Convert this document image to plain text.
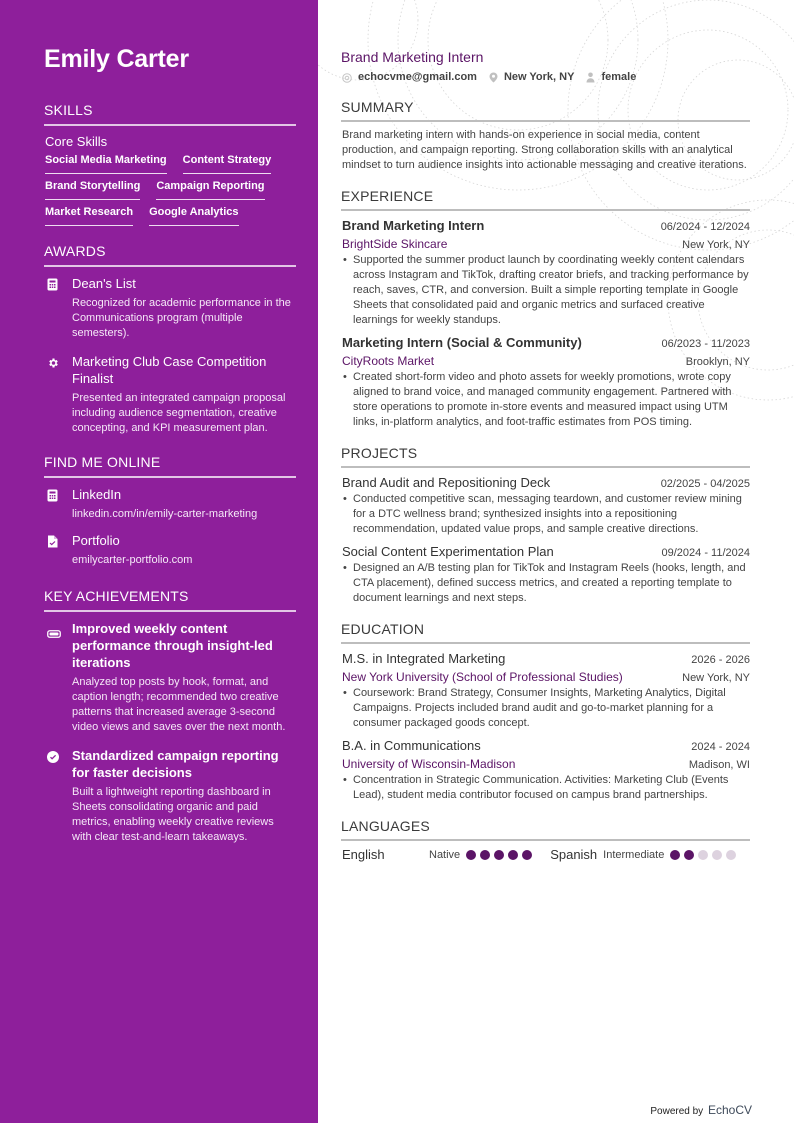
Emily Carter
SKILLS
Core Skills
Social Media Marketing Content Strategy
Brand Storytelling Campaign Reporting
Market Research Google Analytics
AWARDS
Dean's List
Recognized for academic performance in the Communications program (multiple semesters).
Marketing Club Case Competition Finalist
Presented an integrated campaign proposal including audience segmentation, creative concepting, and KPI measurement plan.
FIND ME ONLINE
LinkedIn
linkedin.com/in/emily-carter-marketing
Portfolio
emilycarter-portfolio.com
KEY ACHIEVEMENTS
Improved weekly content performance through insight-led iterations
Analyzed top posts by hook, format, and caption length; recommended two creative patterns that increased average 3-second video views and saves over the next month.
Standardized campaign reporting for faster decisions
Built a lightweight reporting dashboard in Sheets consolidating organic and paid metrics, enabling weekly creative reviews with clear test-and-learn takeaways.
Brand Marketing Intern
echocvme@gmail.com New York, NY female
SUMMARY

Brand marketing intern with hands-on experience in social media, content production, and campaign reporting. Strong collaboration skills with an analytical mindset to turn audience insights into actionable messaging and creative iterations.

EXPERIENCE
Brand Marketing Intern	06/2024 - 12/2024
BrightSide Skincare	New York, NY
• Supported the summer product launch by coordinating weekly content calendars across Instagram and TikTok, drafting creator briefs, and tracking performance by reach, saves, CTR, and conversion. Built a simple reporting template in Google Sheets that consolidated paid and organic metrics and surfaced creative learnings for weekly standups.
Marketing Intern (Social & Community)	06/2023 - 11/2023
CityRoots Market	Brooklyn, NY
• Created short-form video and photo assets for weekly promotions, wrote copy aligned to brand voice, and managed community engagement. Partnered with store operations to promote in-store events and measured impact using UTM links, in-platform analytics, and foot-traffic estimates from POS timing.
PROJECTS
Brand Audit and Repositioning Deck	02/2025 - 04/2025
• Conducted competitive scan, messaging teardown, and customer review mining for a DTC wellness brand; synthesized insights into a repositioning recommendation, updated value props, and sample creative directions.
Social Content Experimentation Plan	09/2024 - 11/2024
• Designed an A/B testing plan for TikTok and Instagram Reels (hooks, length, and CTA placement), defined success metrics, and created a reporting template to document learnings and next steps.
EDUCATION
M.S. in Integrated Marketing	2026 - 2026
New York University (School of Professional Studies)	New York, NY
• Coursework: Brand Strategy, Consumer Insights, Marketing Analytics, Digital Campaigns. Projects included brand audit and go-to-market planning for a consumer packaged goods concept.
B.A. in Communications	2024 - 2024
University of Wisconsin-Madison	Madison, WI
• Concentration in Strategic Communication. Activities: Marketing Club (Events Lead), student media contributor focused on campus brand partnerships.
LANGUAGES
English	Native	Spanish Intermediate
Powered by EchoCV
